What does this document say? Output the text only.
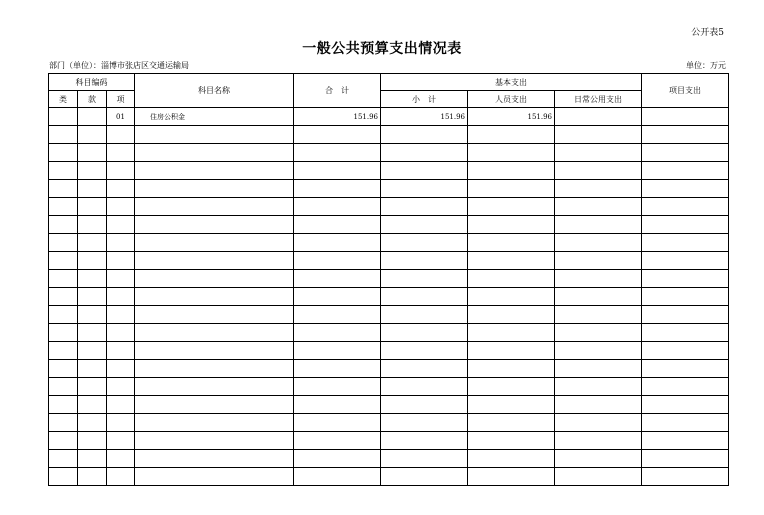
公开表5
一般公共预算支出情况表
部门（单位）：淄博市张店区交通运输局	单位：万元
科目编码			科目名称	合　计	基本支出			项目支出
类	款	项			小　计	人员支出	日常公用支出	
		01	住房公积金	151.96	151.96	151.96		
